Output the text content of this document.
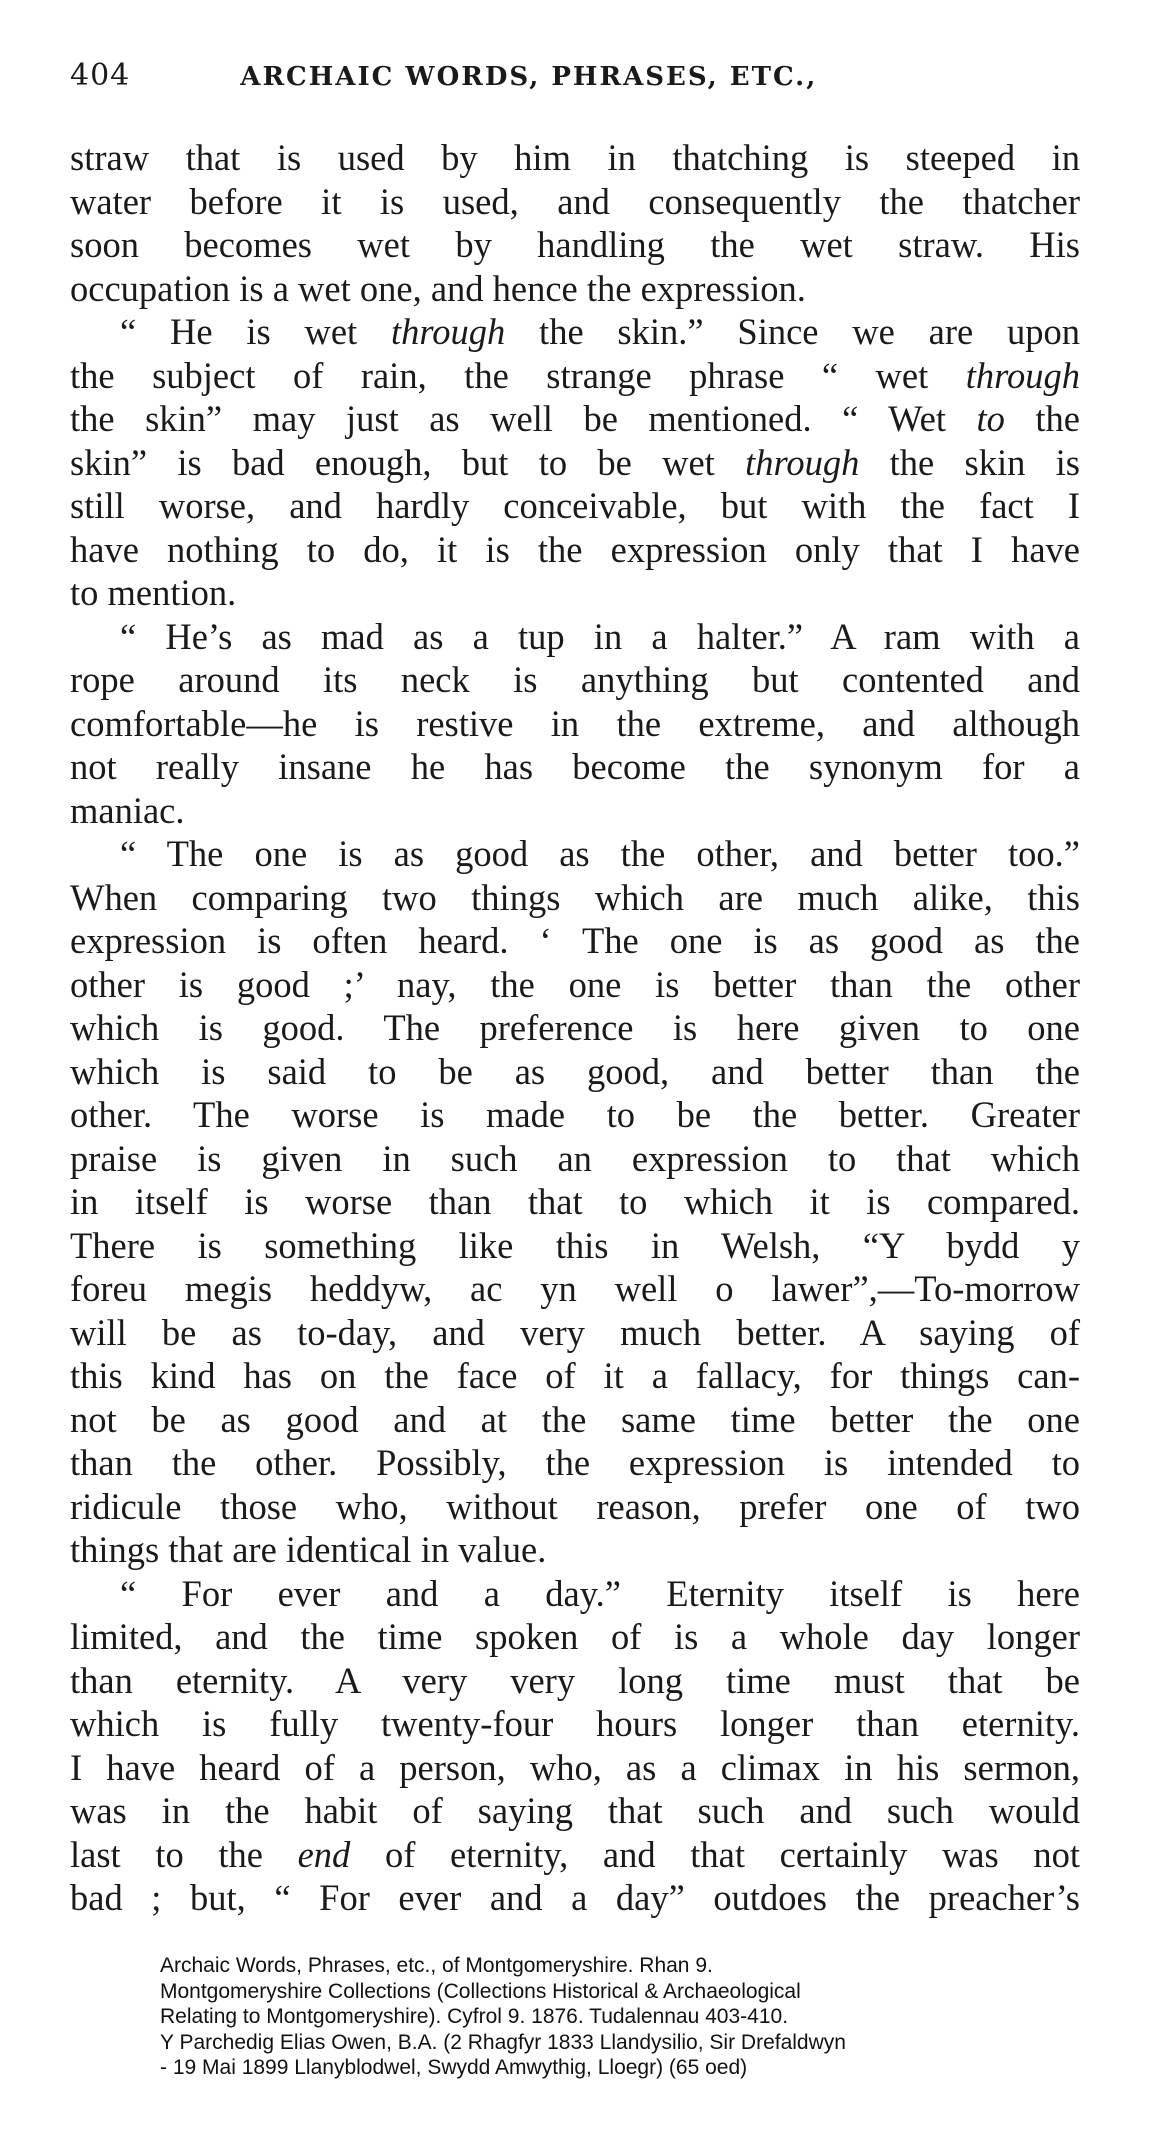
404	ARCHAIC WORDS, PHRASES, ETC.,
straw that is used by him in thatching is steeped in
water before it is used, and consequently the thatcher
soon becomes wet by handling the wet straw. His
occupation is a wet one, and hence the expression.
“ He is wet through the skin.” Since we are upon
the subject of rain, the strange phrase “ wet through
the skin” may just as well be mentioned. “ Wet to the
skin” is bad enough, but to be wet through the skin is
still worse, and hardly conceivable, but with the fact I
have nothing to do, it is the expression only that I have
to mention.
“ He’s as mad as a tup in a halter.” A ram with a
rope around its neck is anything but contented and
comfortable—he is restive in the extreme, and although
not really insane he has become the synonym for a
maniac.
“ The one is as good as the other, and better too.”
When comparing two things which are much alike, this
expression is often heard. ‘ The one is as good as the
other is good ;’ nay, the one is better than the other
which is good. The preference is here given to one
which is said to be as good, and better than the
other. The worse is made to be the better. Greater
praise is given in such an expression to that which
in itself is worse than that to which it is compared.
There is something like this in Welsh, “Y bydd y
foreu megis heddyw, ac yn well o lawer”,—To-morrow
will be as to-day, and very much better. A saying of
this kind has on the face of it a fallacy, for things can-
not be as good and at the same time better the one
than the other. Possibly, the expression is intended to
ridicule those who, without reason, prefer one of two
things that are identical in value.
“ For ever and a day.” Eternity itself is here
limited, and the time spoken of is a whole day longer
than eternity. A very very long time must that be
which is fully twenty-four hours longer than eternity.
I have heard of a person, who, as a climax in his sermon,
was in the habit of saying that such and such would
last to the end of eternity, and that certainly was not
bad ; but, “ For ever and a day” outdoes the preacher’s
Archaic Words, Phrases, etc., of Montgomeryshire. Rhan 9.
Montgomeryshire Collections (Collections Historical & Archaeological
Relating to Montgomeryshire). Cyfrol 9. 1876. Tudalennau 403-410.
Y Parchedig Elias Owen, B.A. (2 Rhagfyr 1833 Llandysilio, Sir Drefaldwyn
- 19 Mai 1899 Llanyblodwel, Swydd Amwythig, Lloegr) (65 oed)
